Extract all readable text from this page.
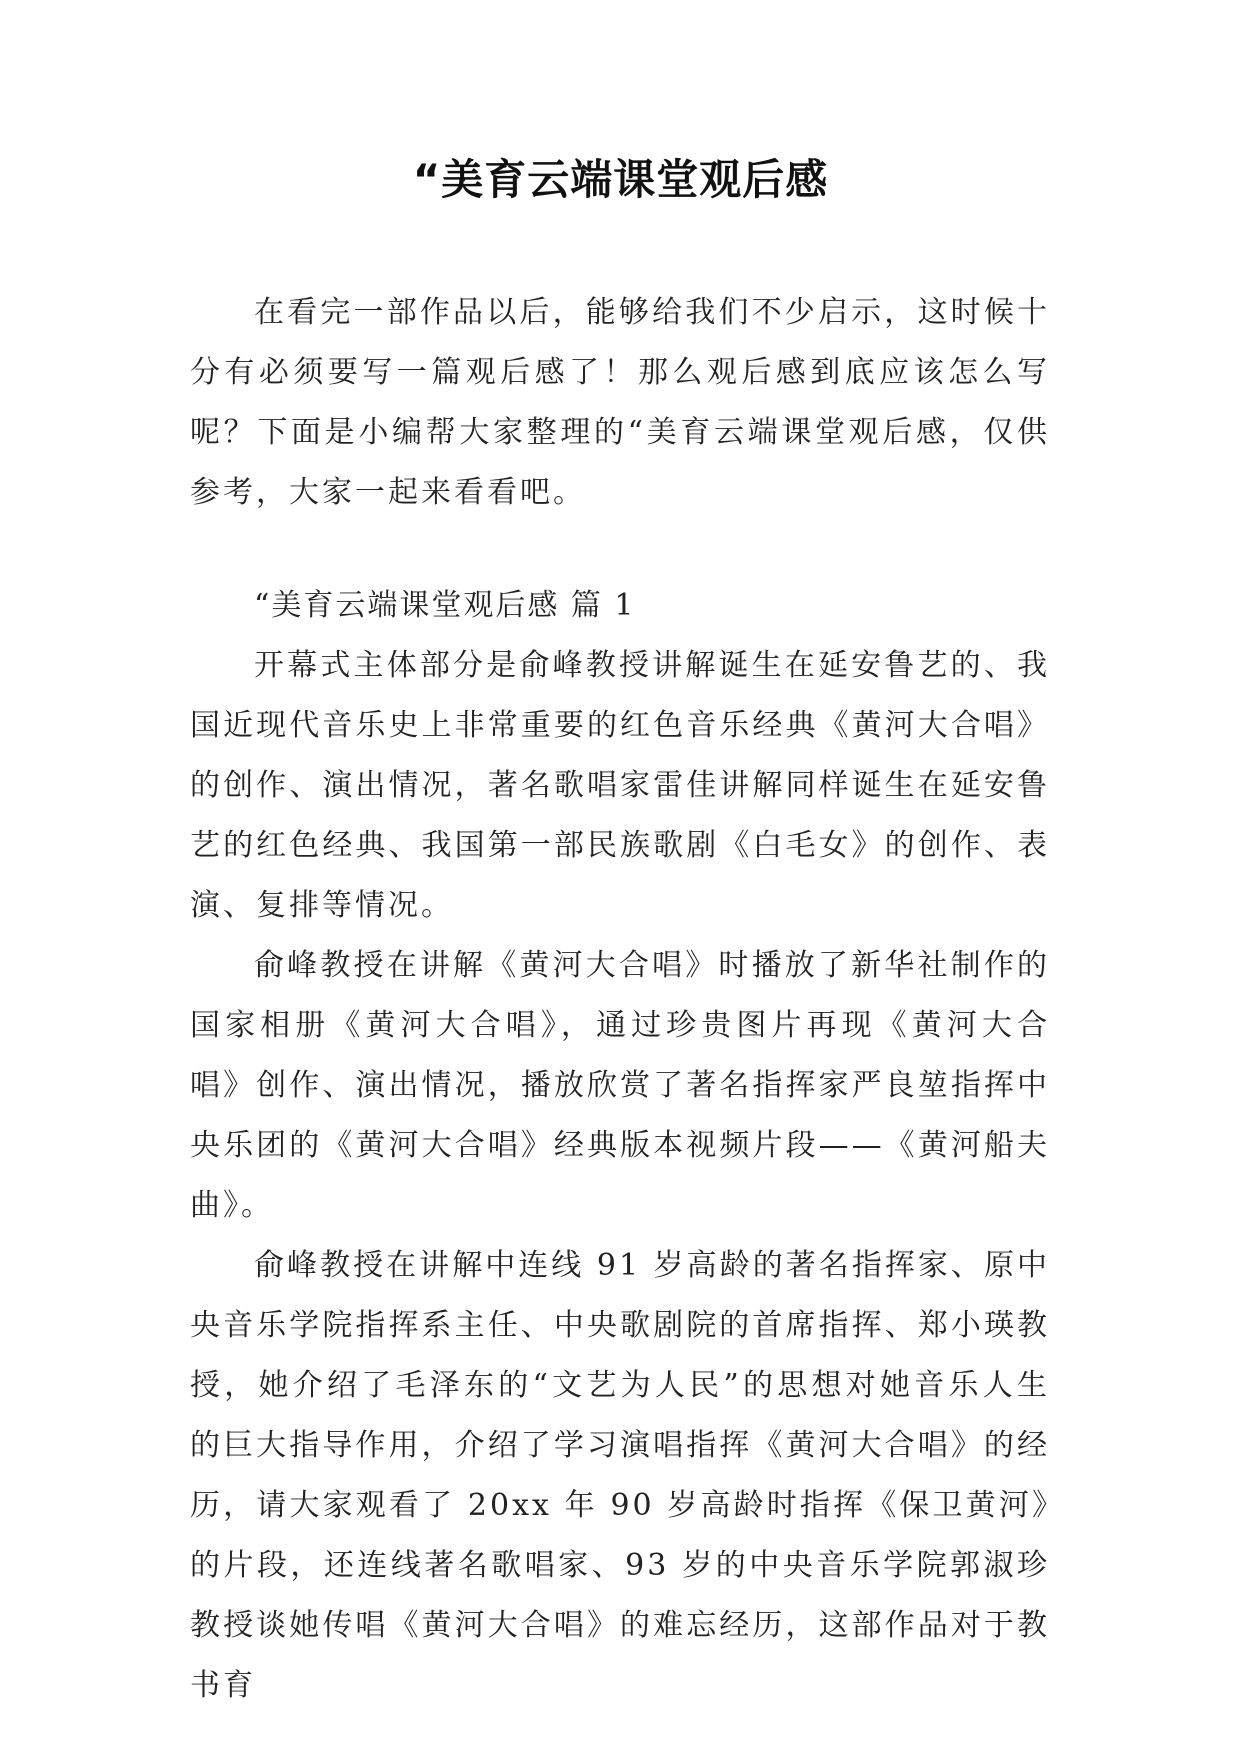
“美育云端课堂观后感

在看完一部作品以后，能够给我们不少启示，这时候十分有必须要写一篇观后感了！那么观后感到底应该怎么写呢？下面是小编帮大家整理的“美育云端课堂观后感，仅供参考，大家一起来看看吧。

“美育云端课堂观后感 篇 1

开幕式主体部分是俞峰教授讲解诞生在延安鲁艺的、我国近现代音乐史上非常重要的红色音乐经典《黄河大合唱》的创作、演出情况，著名歌唱家雷佳讲解同样诞生在延安鲁艺的红色经典、我国第一部民族歌剧《白毛女》的创作、表演、复排等情况。

俞峰教授在讲解《黄河大合唱》时播放了新华社制作的国家相册《黄河大合唱》，通过珍贵图片再现《黄河大合唱》创作、演出情况，播放欣赏了著名指挥家严良堃指挥中央乐团的《黄河大合唱》经典版本视频片段——《黄河船夫曲》。

俞峰教授在讲解中连线 91 岁高龄的著名指挥家、原中央音乐学院指挥系主任、中央歌剧院的首席指挥、郑小瑛教授，她介绍了毛泽东的“文艺为人民”的思想对她音乐人生的巨大指导作用，介绍了学习演唱指挥《黄河大合唱》的经历，请大家观看了 20xx 年 90 岁高龄时指挥《保卫黄河》的片段，还连线著名歌唱家、93 岁的中央音乐学院郭淑珍教授谈她传唱《黄河大合唱》的难忘经历，这部作品对于教书育
